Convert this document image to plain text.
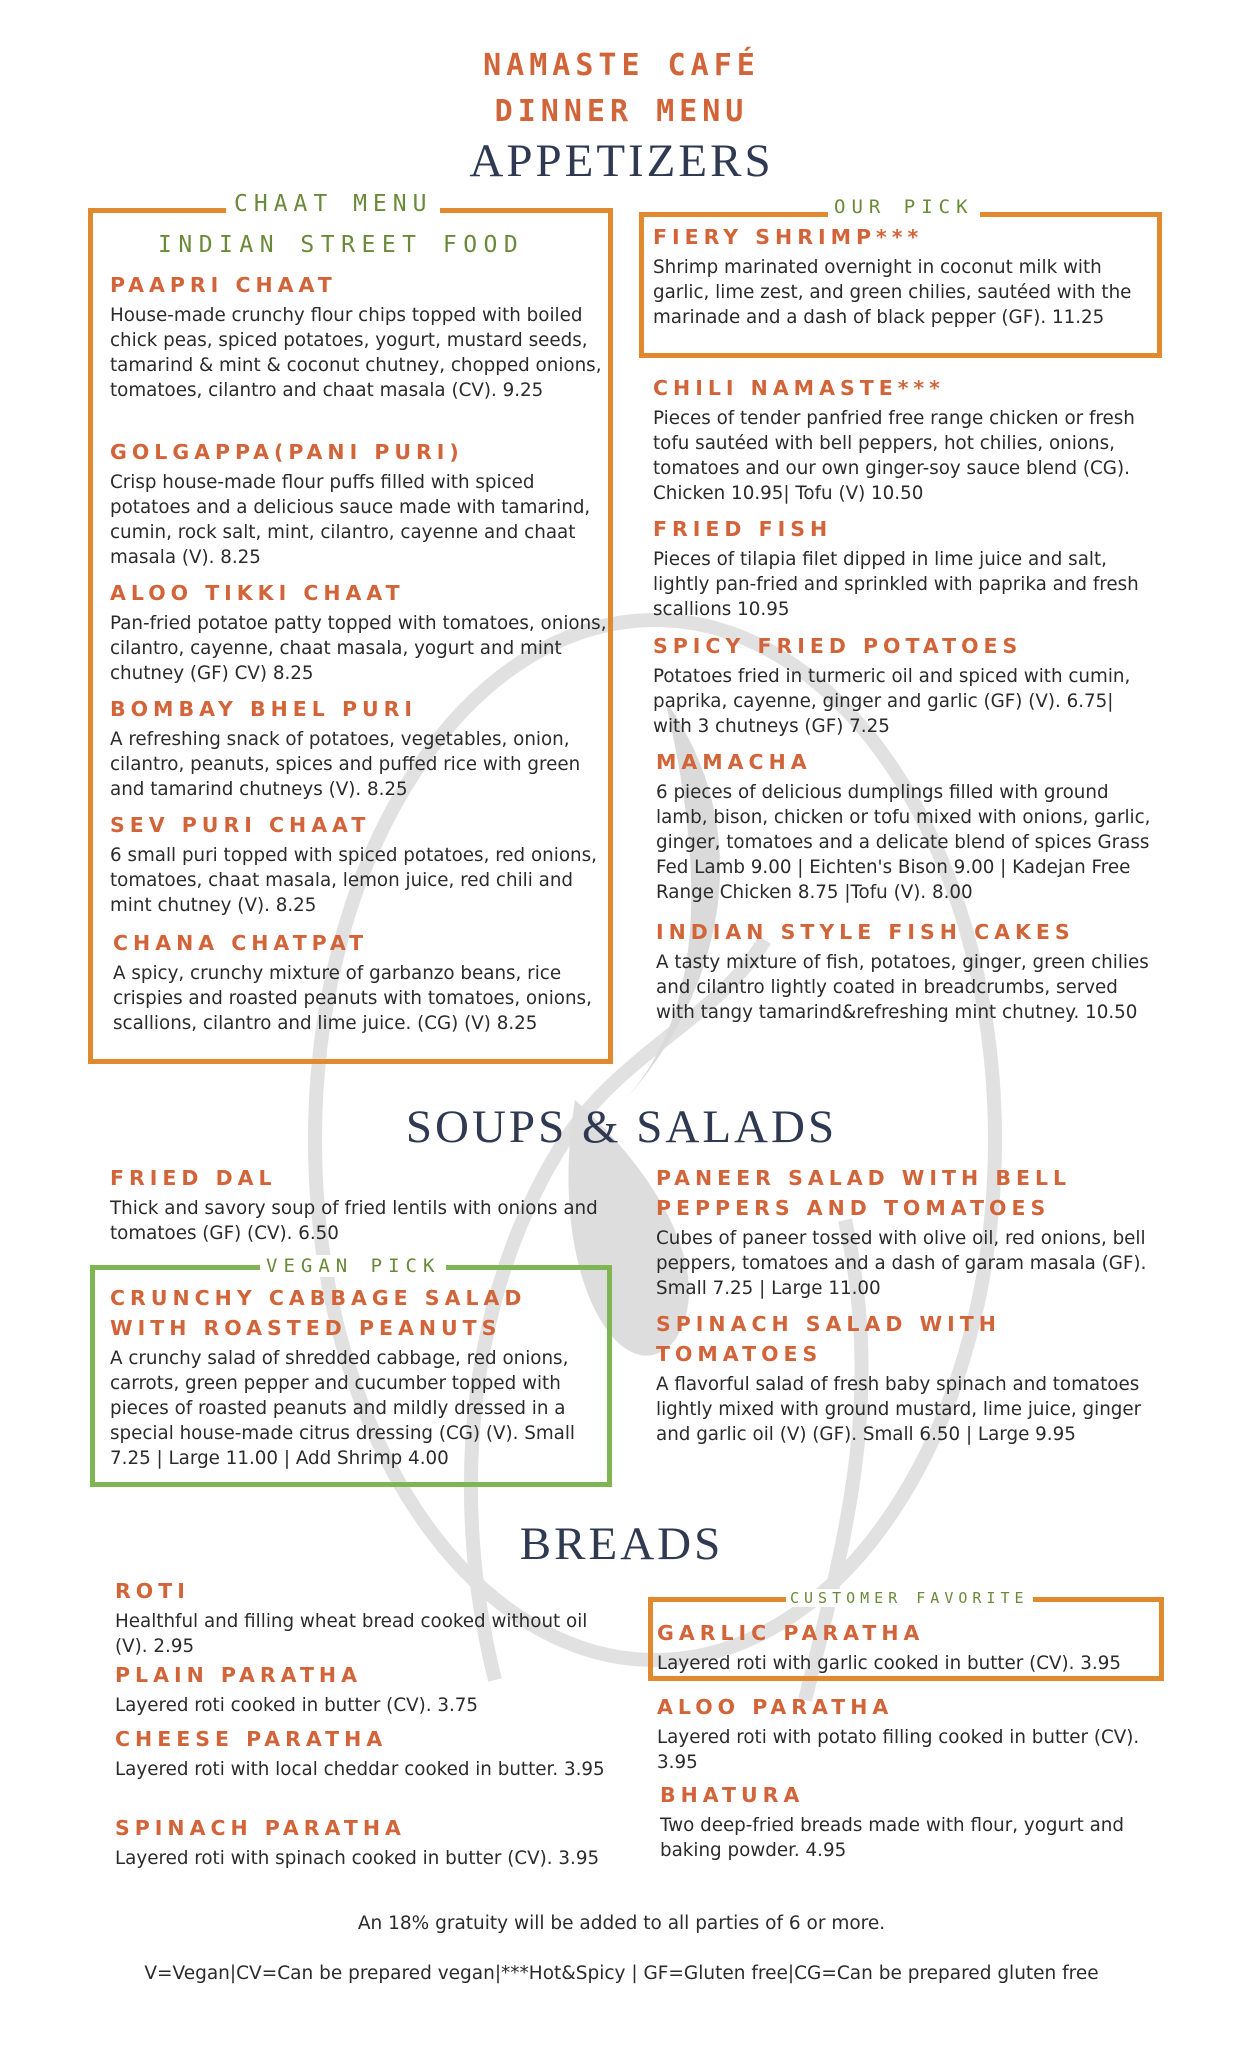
NAMASTE CAFÉ
DINNER MENU
APPETIZERS
CHAAT MENU
INDIAN STREET FOOD
PAAPRI CHAAT
House-made crunchy flour chips topped with boiled chick peas, spiced potatoes, yogurt, mustard seeds, tamarind & mint & coconut chutney, chopped onions, tomatoes, cilantro and chaat masala (CV). 9.25
GOLGAPPA(PANI PURI)
Crisp house-made flour puffs filled with spiced potatoes and a delicious sauce made with tamarind, cumin, rock salt, mint, cilantro, cayenne and chaat masala (V). 8.25
ALOO TIKKI CHAAT
Pan-fried potatoe patty topped with tomatoes, onions, cilantro, cayenne, chaat masala, yogurt and mint chutney (GF) CV) 8.25
BOMBAY BHEL PURI
A refreshing snack of potatoes, vegetables, onion, cilantro, peanuts, spices and puffed rice with green and tamarind chutneys (V). 8.25
SEV PURI CHAAT
6 small puri topped with spiced potatoes, red onions, tomatoes, chaat masala, lemon juice, red chili and mint chutney (V). 8.25
CHANA CHATPAT
A spicy, crunchy mixture of garbanzo beans, rice crispies and roasted peanuts with tomatoes, onions, scallions, cilantro and lime juice. (CG) (V) 8.25
OUR PICK
FIERY SHRIMP***
Shrimp marinated overnight in coconut milk with garlic, lime zest, and green chilies, sautéed with the marinade and a dash of black pepper (GF). 11.25
CHILI NAMASTE***
Pieces of tender panfried free range chicken or fresh tofu sautéed with bell peppers, hot chilies, onions, tomatoes and our own ginger-soy sauce blend (CG). Chicken 10.95| Tofu (V) 10.50
FRIED FISH
Pieces of tilapia filet dipped in lime juice and salt, lightly pan-fried and sprinkled with paprika and fresh scallions 10.95
SPICY FRIED POTATOES
Potatoes fried in turmeric oil and spiced with cumin, paprika, cayenne, ginger and garlic (GF) (V). 6.75| with 3 chutneys (GF) 7.25
MAMACHA
6 pieces of delicious dumplings filled with ground lamb, bison, chicken or tofu mixed with onions, garlic, ginger, tomatoes and a delicate blend of spices Grass Fed Lamb 9.00 | Eichten's Bison 9.00 | Kadejan Free Range Chicken 8.75 |Tofu (V). 8.00
INDIAN STYLE FISH CAKES
A tasty mixture of fish, potatoes, ginger, green chilies and cilantro lightly coated in breadcrumbs, served with tangy tamarind&refreshing mint chutney. 10.50
SOUPS & SALADS
FRIED DAL
Thick and savory soup of fried lentils with onions and tomatoes (GF) (CV). 6.50
VEGAN PICK
CRUNCHY CABBAGE SALAD WITH ROASTED PEANUTS
A crunchy salad of shredded cabbage, red onions, carrots, green pepper and cucumber topped with pieces of roasted peanuts and mildly dressed in a special house-made citrus dressing (CG) (V). Small 7.25 | Large 11.00 | Add Shrimp 4.00
PANEER SALAD WITH BELL PEPPERS AND TOMATOES
Cubes of paneer tossed with olive oil, red onions, bell peppers, tomatoes and a dash of garam masala (GF). Small 7.25 | Large 11.00
SPINACH SALAD WITH TOMATOES
A flavorful salad of fresh baby spinach and tomatoes lightly mixed with ground mustard, lime juice, ginger and garlic oil (V) (GF). Small 6.50 | Large 9.95
BREADS
ROTI
Healthful and filling wheat bread cooked without oil (V). 2.95
PLAIN PARATHA
Layered roti cooked in butter (CV). 3.75
CHEESE PARATHA
Layered roti with local cheddar cooked in butter. 3.95
SPINACH PARATHA
Layered roti with spinach cooked in butter (CV). 3.95
CUSTOMER FAVORITE
GARLIC PARATHA
Layered roti with garlic cooked in butter (CV). 3.95
ALOO PARATHA
Layered roti with potato filling cooked in butter (CV). 3.95
BHATURA
Two deep-fried breads made with flour, yogurt and baking powder. 4.95
An 18% gratuity will be added to all parties of 6 or more.
V=Vegan|CV=Can be prepared vegan|***Hot&Spicy | GF=Gluten free|CG=Can be prepared gluten free
